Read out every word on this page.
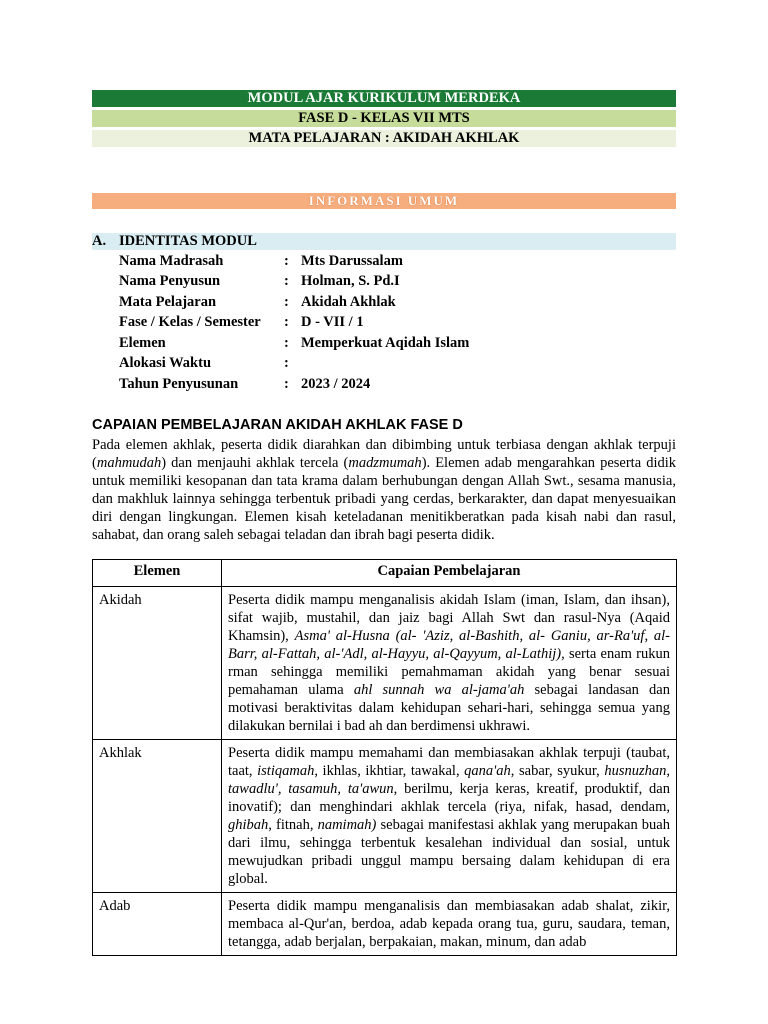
MODUL AJAR KURIKULUM MERDEKA
FASE D - KELAS VII MTS
MATA PELAJARAN : AKIDAH AKHLAK
INFORMASI UMUM
A. IDENTITAS MODUL
Nama Madrasah	: Mts Darussalam
Nama Penyusun	: Holman, S. Pd.I
Mata Pelajaran	: Akidah Akhlak
Fase / Kelas / Semester : D - VII / 1
Elemen	: Memperkuat Aqidah Islam
Alokasi Waktu	:
Tahun Penyusunan	: 2023 / 2024
CAPAIAN PEMBELAJARAN AKIDAH AKHLAK FASE D

Pada elemen akhlak, peserta didik diarahkan dan dibimbing untuk terbiasa dengan akhlak terpuji (mahmudah) dan menjauhi akhlak tercela (madzmumah). Elemen adab mengarahkan peserta didik untuk memiliki kesopanan dan tata krama dalam berhubungan dengan Allah Swt., sesama manusia, dan makhluk lainnya sehingga terbentuk pribadi yang cerdas, berkarakter, dan dapat menyesuaikan diri dengan lingkungan. Elemen kisah keteladanan menitikberatkan pada kisah nabi dan rasul, sahabat, dan orang saleh sebagai teladan dan ibrah bagi peserta didik.

Elemen	Capaian Pembelajaran
Akidah	Peserta didik mampu menganalisis akidah Islam (iman, Islam, dan ihsan), sifat wajib, mustahil, dan jaiz bagi Allah Swt dan rasul-Nya (Aqaid Khamsin), Asma' al-Husna (al- 'Aziz, al-Bashith, al- Ganiu, ar-Ra'uf, al-Barr, al-Fattah, al-'Adl, al-Hayyu, al-Qayyum, al-Lathij), serta enam rukun rman sehingga memiliki pemahmaman akidah yang benar sesuai pemahaman ulama ahl sunnah wa al-jama'ah sebagai landasan dan motivasi beraktivitas dalam kehidupan sehari-hari, sehingga semua yang dilakukan bernilai i bad ah dan berdimensi ukhrawi.
Akhlak	Peserta didik mampu memahami dan membiasakan akhlak terpuji (taubat, taat, istiqamah, ikhlas, ikhtiar, tawakal, qana'ah, sabar, syukur, husnuzhan, tawadlu', tasamuh, ta'awun, berilmu, kerja keras, kreatif, produktif, dan inovatif); dan menghindari akhlak tercela (riya, nifak, hasad, dendam, ghibah, fitnah, namimah) sebagai manifestasi akhlak yang merupakan buah dari ilmu, sehingga terbentuk kesalehan individual dan sosial, untuk mewujudkan pribadi unggul mampu bersaing dalam kehidupan di era global.
Adab	Peserta didik mampu menganalisis dan membiasakan adab shalat, zikir, membaca al-Qur'an, berdoa, adab kepada orang tua, guru, saudara, teman, tetangga, adab berjalan, berpakaian, makan, minum, dan adab
